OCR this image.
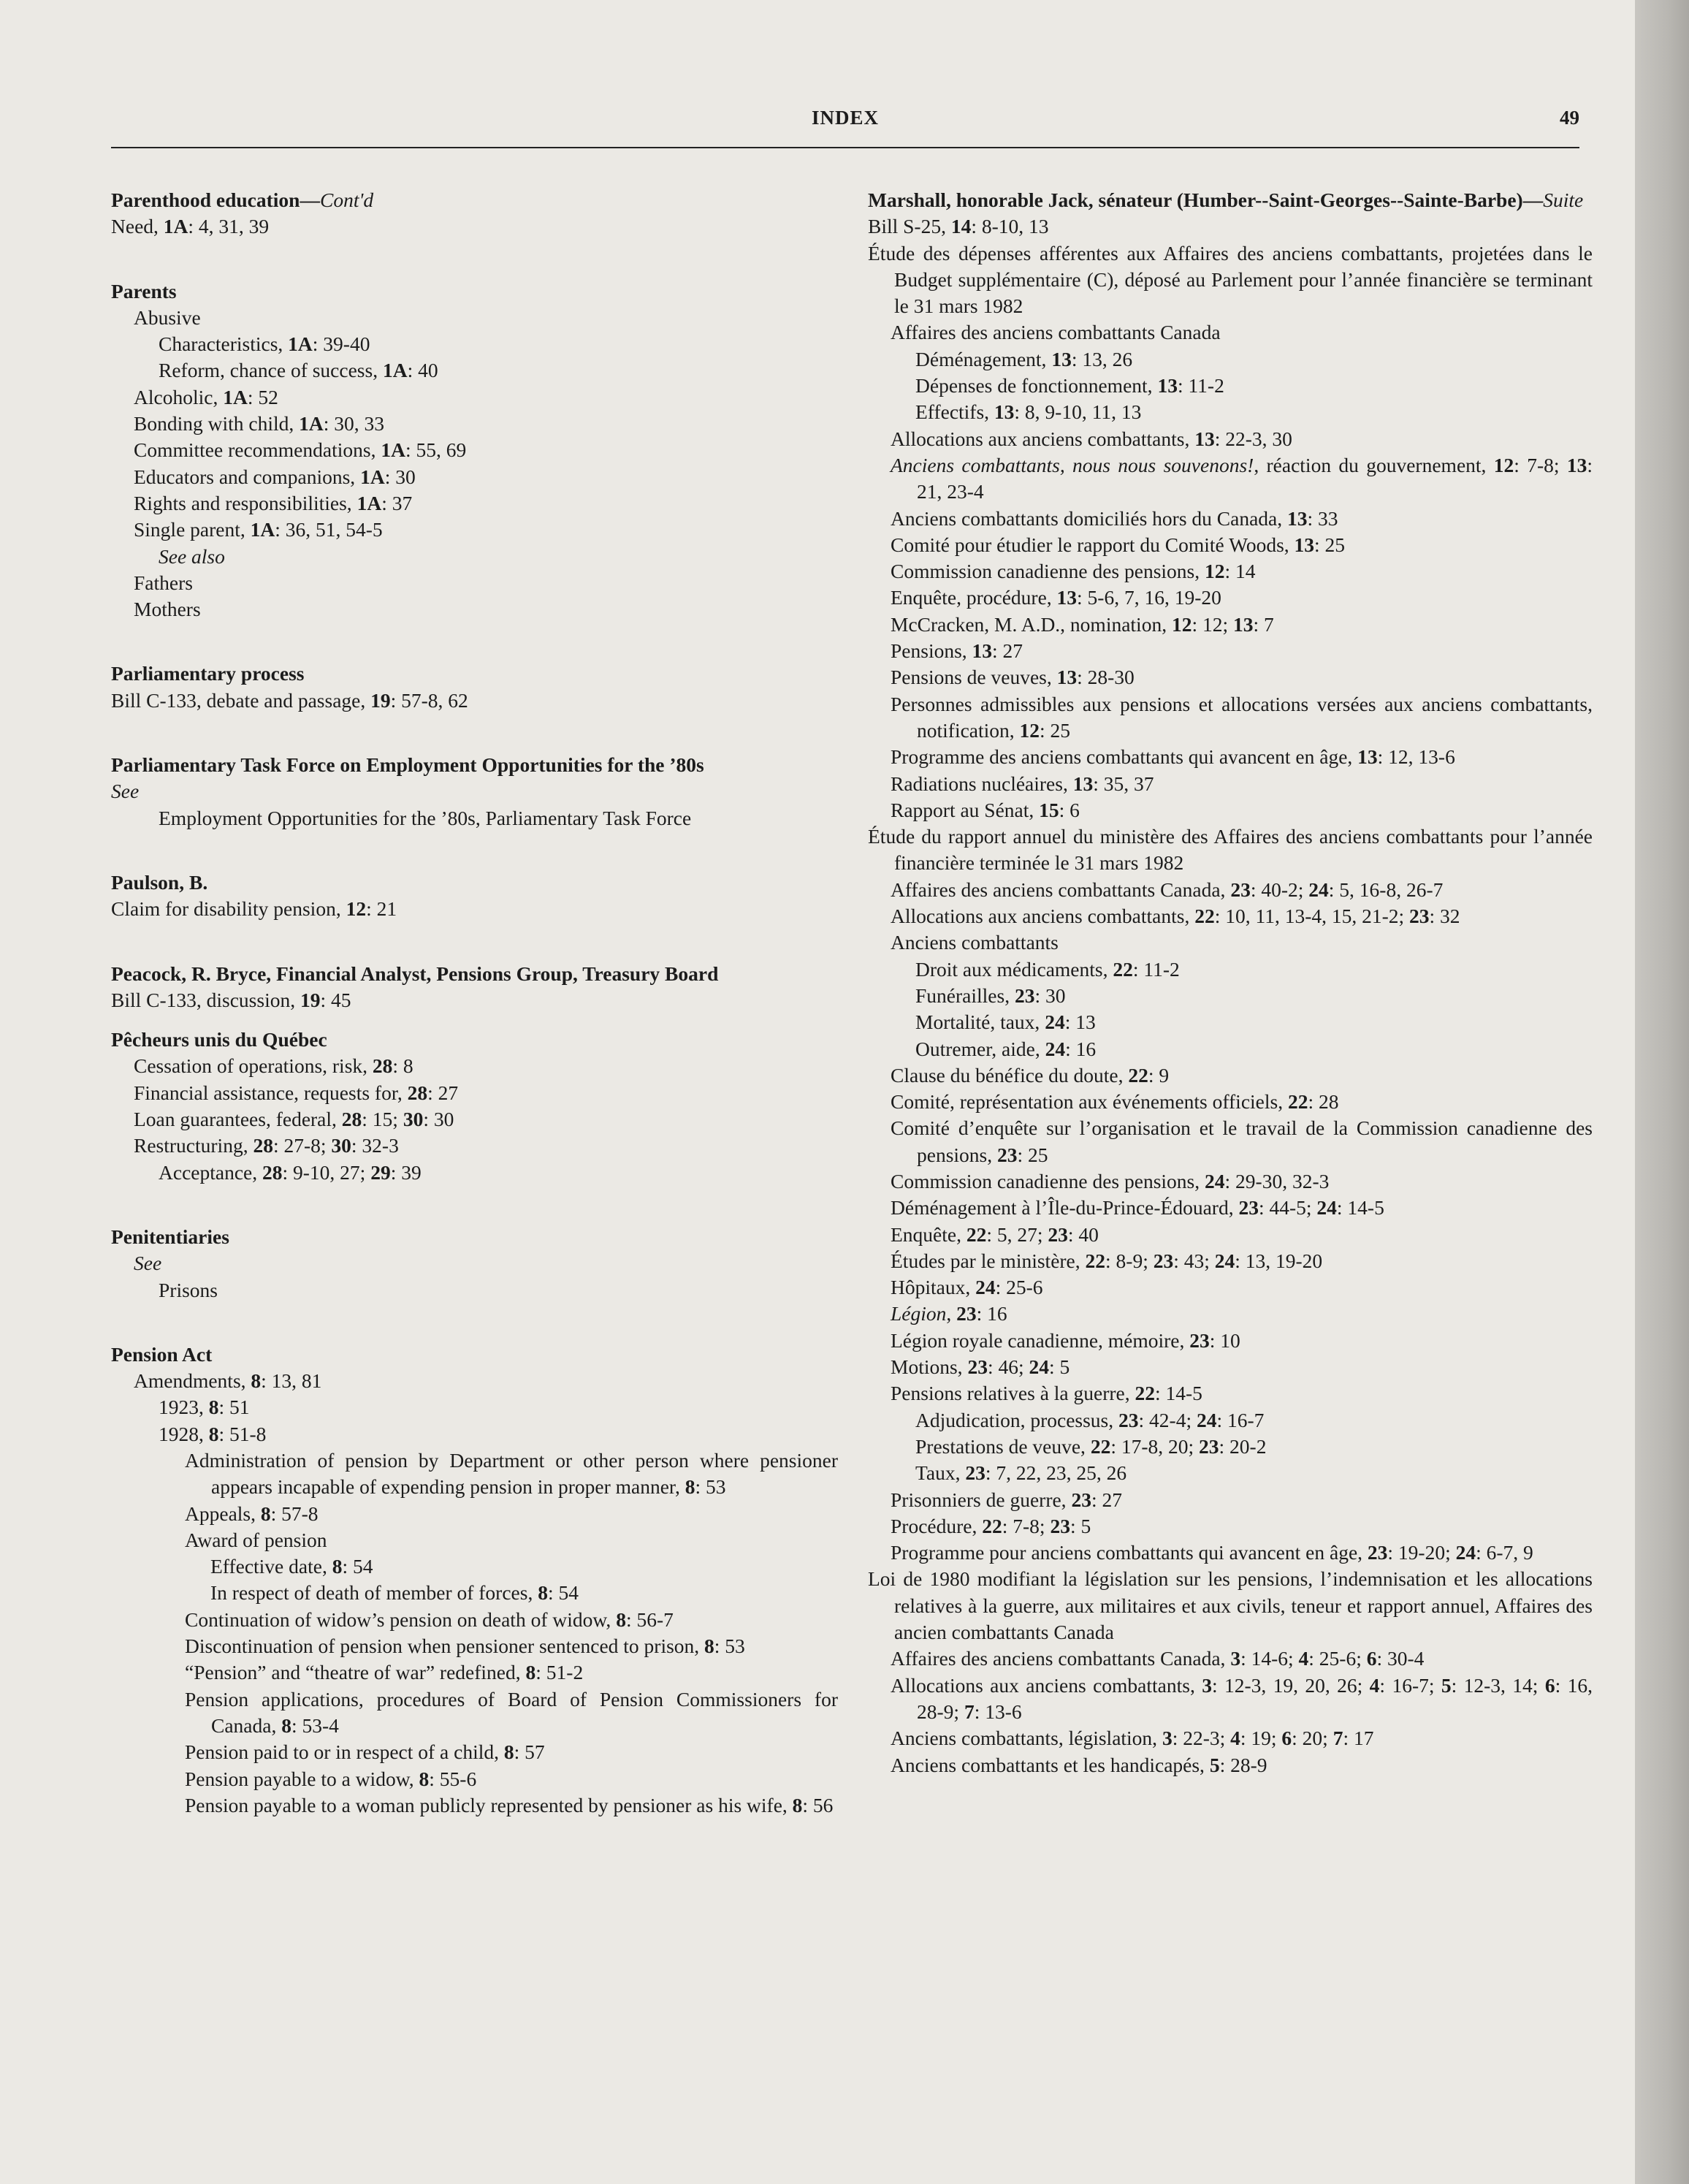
INDEX	49
Parenthood education—Cont'd
Need, 1A: 4, 31, 39
Parents
Abusive
Characteristics, 1A: 39-40
Reform, chance of success, 1A: 40
Alcoholic, 1A: 52
Bonding with child, 1A: 30, 33
Committee recommendations, 1A: 55, 69
Educators and companions, 1A: 30
Rights and responsibilities, 1A: 37
Single parent, 1A: 36, 51, 54-5
See also
Fathers
Mothers
Parliamentary process
Bill C-133, debate and passage, 19: 57-8, 62
Parliamentary Task Force on Employment Opportunities for the ’80s
See
Employment Opportunities for the ’80s, Parliamentary Task Force
Paulson, B.
Claim for disability pension, 12: 21
Peacock, R. Bryce, Financial Analyst, Pensions Group, Treasury Board
Bill C-133, discussion, 19: 45
Pêcheurs unis du Québec
Cessation of operations, risk, 28: 8
Financial assistance, requests for, 28: 27
Loan guarantees, federal, 28: 15; 30: 30
Restructuring, 28: 27-8; 30: 32-3
Acceptance, 28: 9-10, 27; 29: 39
Penitentiaries
See
Prisons
Pension Act
Amendments, 8: 13, 81
1923, 8: 51
1928, 8: 51-8
Administration of pension by Department or other person where pensioner appears incapable of expending pension in proper manner, 8: 53
Appeals, 8: 57-8
Award of pension
Effective date, 8: 54
In respect of death of member of forces, 8: 54
Continuation of widow’s pension on death of widow, 8: 56-7
Discontinuation of pension when pensioner sentenced to prison, 8: 53
“Pension” and “theatre of war” redefined, 8: 51-2
Pension applications, procedures of Board of Pension Commissioners for Canada, 8: 53-4
Pension paid to or in respect of a child, 8: 57
Pension payable to a widow, 8: 55-6
Pension payable to a woman publicly represented by pensioner as his wife, 8: 56
Marshall, honorable Jack, sénateur (Humber--Saint-Georges--Sainte-Barbe)—Suite
Bill S-25, 14: 8-10, 13
Étude des dépenses afférentes aux Affaires des anciens combattants, projetées dans le Budget supplémentaire (C), déposé au Parlement pour l’année financière se terminant le 31 mars 1982
Affaires des anciens combattants Canada
Déménagement, 13: 13, 26
Dépenses de fonctionnement, 13: 11-2
Effectifs, 13: 8, 9-10, 11, 13
Allocations aux anciens combattants, 13: 22-3, 30
Anciens combattants, nous nous souvenons!, réaction du gouvernement, 12: 7-8; 13: 21, 23-4
Anciens combattants domiciliés hors du Canada, 13: 33
Comité pour étudier le rapport du Comité Woods, 13: 25
Commission canadienne des pensions, 12: 14
Enquête, procédure, 13: 5-6, 7, 16, 19-20
McCracken, M. A.D., nomination, 12: 12; 13: 7
Pensions, 13: 27
Pensions de veuves, 13: 28-30
Personnes admissibles aux pensions et allocations versées aux anciens combattants, notification, 12: 25
Programme des anciens combattants qui avancent en âge, 13: 12, 13-6
Radiations nucléaires, 13: 35, 37
Rapport au Sénat, 15: 6
Étude du rapport annuel du ministère des Affaires des anciens combattants pour l’année financière terminée le 31 mars 1982
Affaires des anciens combattants Canada, 23: 40-2; 24: 5, 16-8, 26-7
Allocations aux anciens combattants, 22: 10, 11, 13-4, 15, 21-2; 23: 32
Anciens combattants
Droit aux médicaments, 22: 11-2
Funérailles, 23: 30
Mortalité, taux, 24: 13
Outremer, aide, 24: 16
Clause du bénéfice du doute, 22: 9
Comité, représentation aux événements officiels, 22: 28
Comité d’enquête sur l’organisation et le travail de la Commission canadienne des pensions, 23: 25
Commission canadienne des pensions, 24: 29-30, 32-3
Déménagement à l’Île-du-Prince-Édouard, 23: 44-5; 24: 14-5
Enquête, 22: 5, 27; 23: 40
Études par le ministère, 22: 8-9; 23: 43; 24: 13, 19-20
Hôpitaux, 24: 25-6
Légion, 23: 16
Légion royale canadienne, mémoire, 23: 10
Motions, 23: 46; 24: 5
Pensions relatives à la guerre, 22: 14-5
Adjudication, processus, 23: 42-4; 24: 16-7
Prestations de veuve, 22: 17-8, 20; 23: 20-2
Taux, 23: 7, 22, 23, 25, 26
Prisonniers de guerre, 23: 27
Procédure, 22: 7-8; 23: 5
Programme pour anciens combattants qui avancent en âge, 23: 19-20; 24: 6-7, 9
Loi de 1980 modifiant la législation sur les pensions, l’indemnisation et les allocations relatives à la guerre, aux militaires et aux civils, teneur et rapport annuel, Affaires des ancien combattants Canada
Affaires des anciens combattants Canada, 3: 14-6; 4: 25-6; 6: 30-4
Allocations aux anciens combattants, 3: 12-3, 19, 20, 26; 4: 16-7; 5: 12-3, 14; 6: 16, 28-9; 7: 13-6
Anciens combattants, législation, 3: 22-3; 4: 19; 6: 20; 7: 17
Anciens combattants et les handicapés, 5: 28-9
